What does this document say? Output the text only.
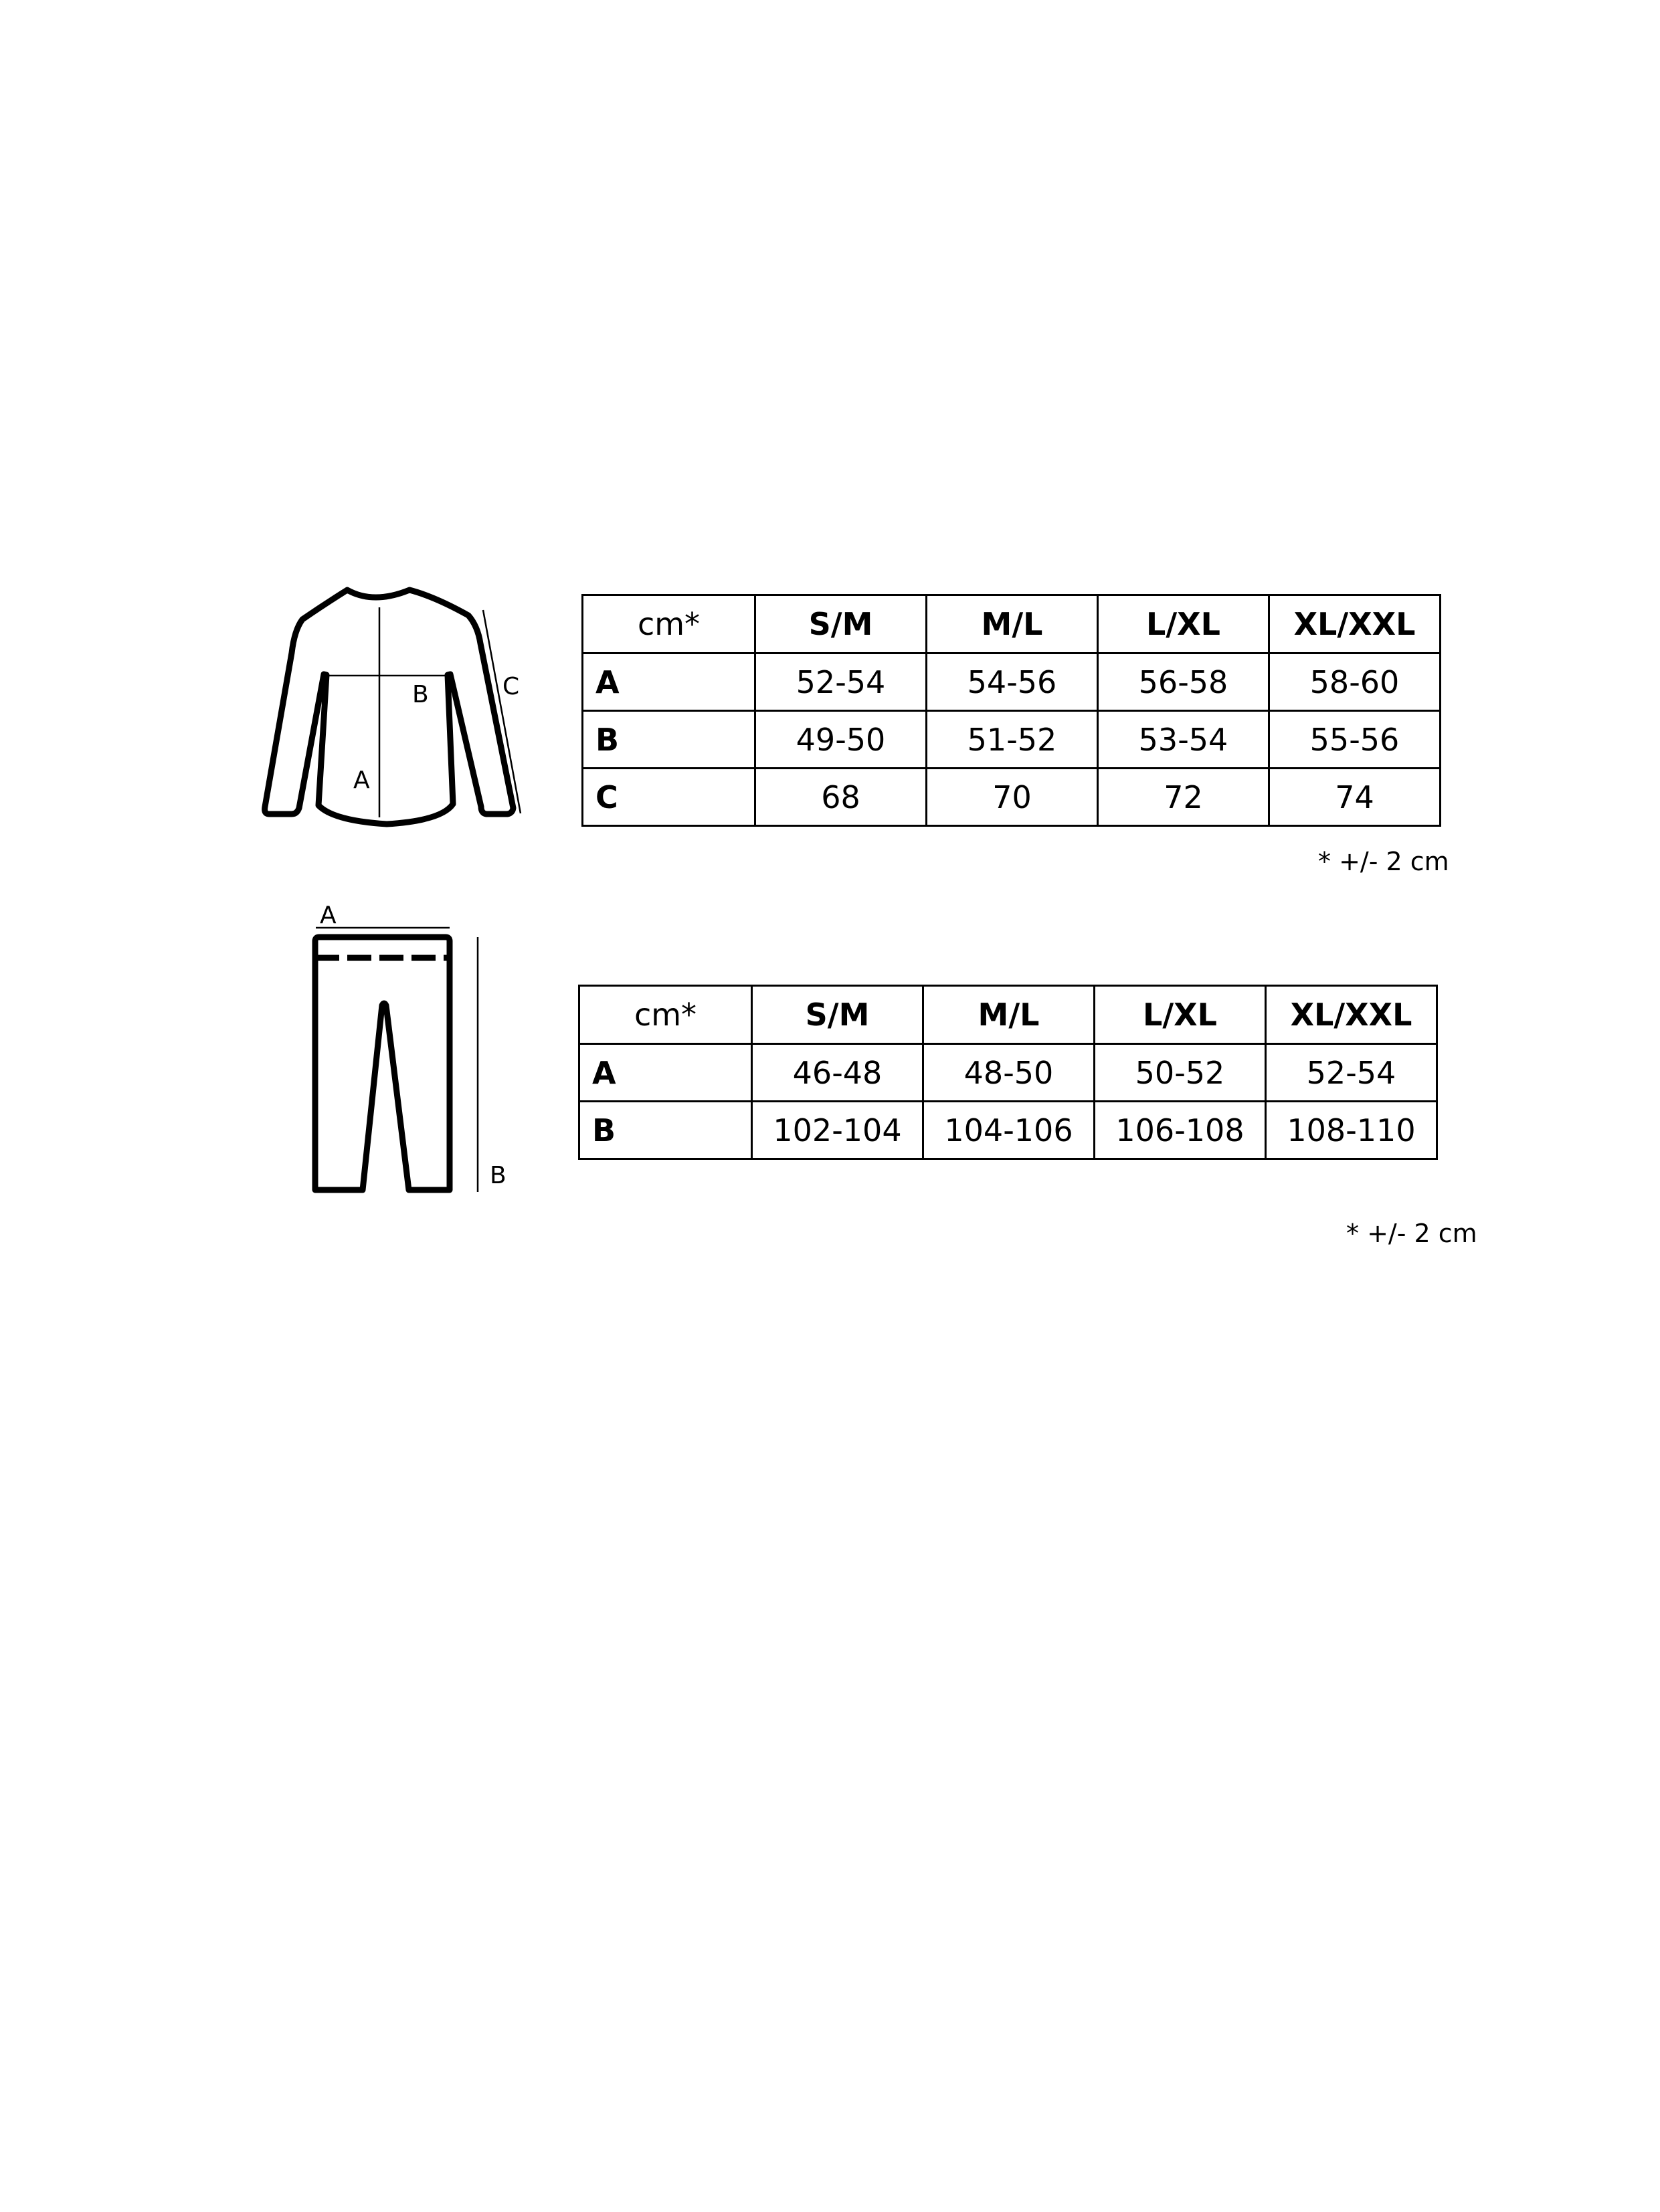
A
B	C
cm*	S/M	M/L	L/XL	XL/XXL
A	52-54	54-56	56-58	58-60
B	49-50	51-52	53-54	55-56
C	68	70	72	74
* +/- 2 cm
A
B
cm*	S/M	M/L	L/XL	XL/XXL
A	46-48	48-50	50-52	52-54
B	102-104	104-106	106-108	108-110
* +/- 2 cm
